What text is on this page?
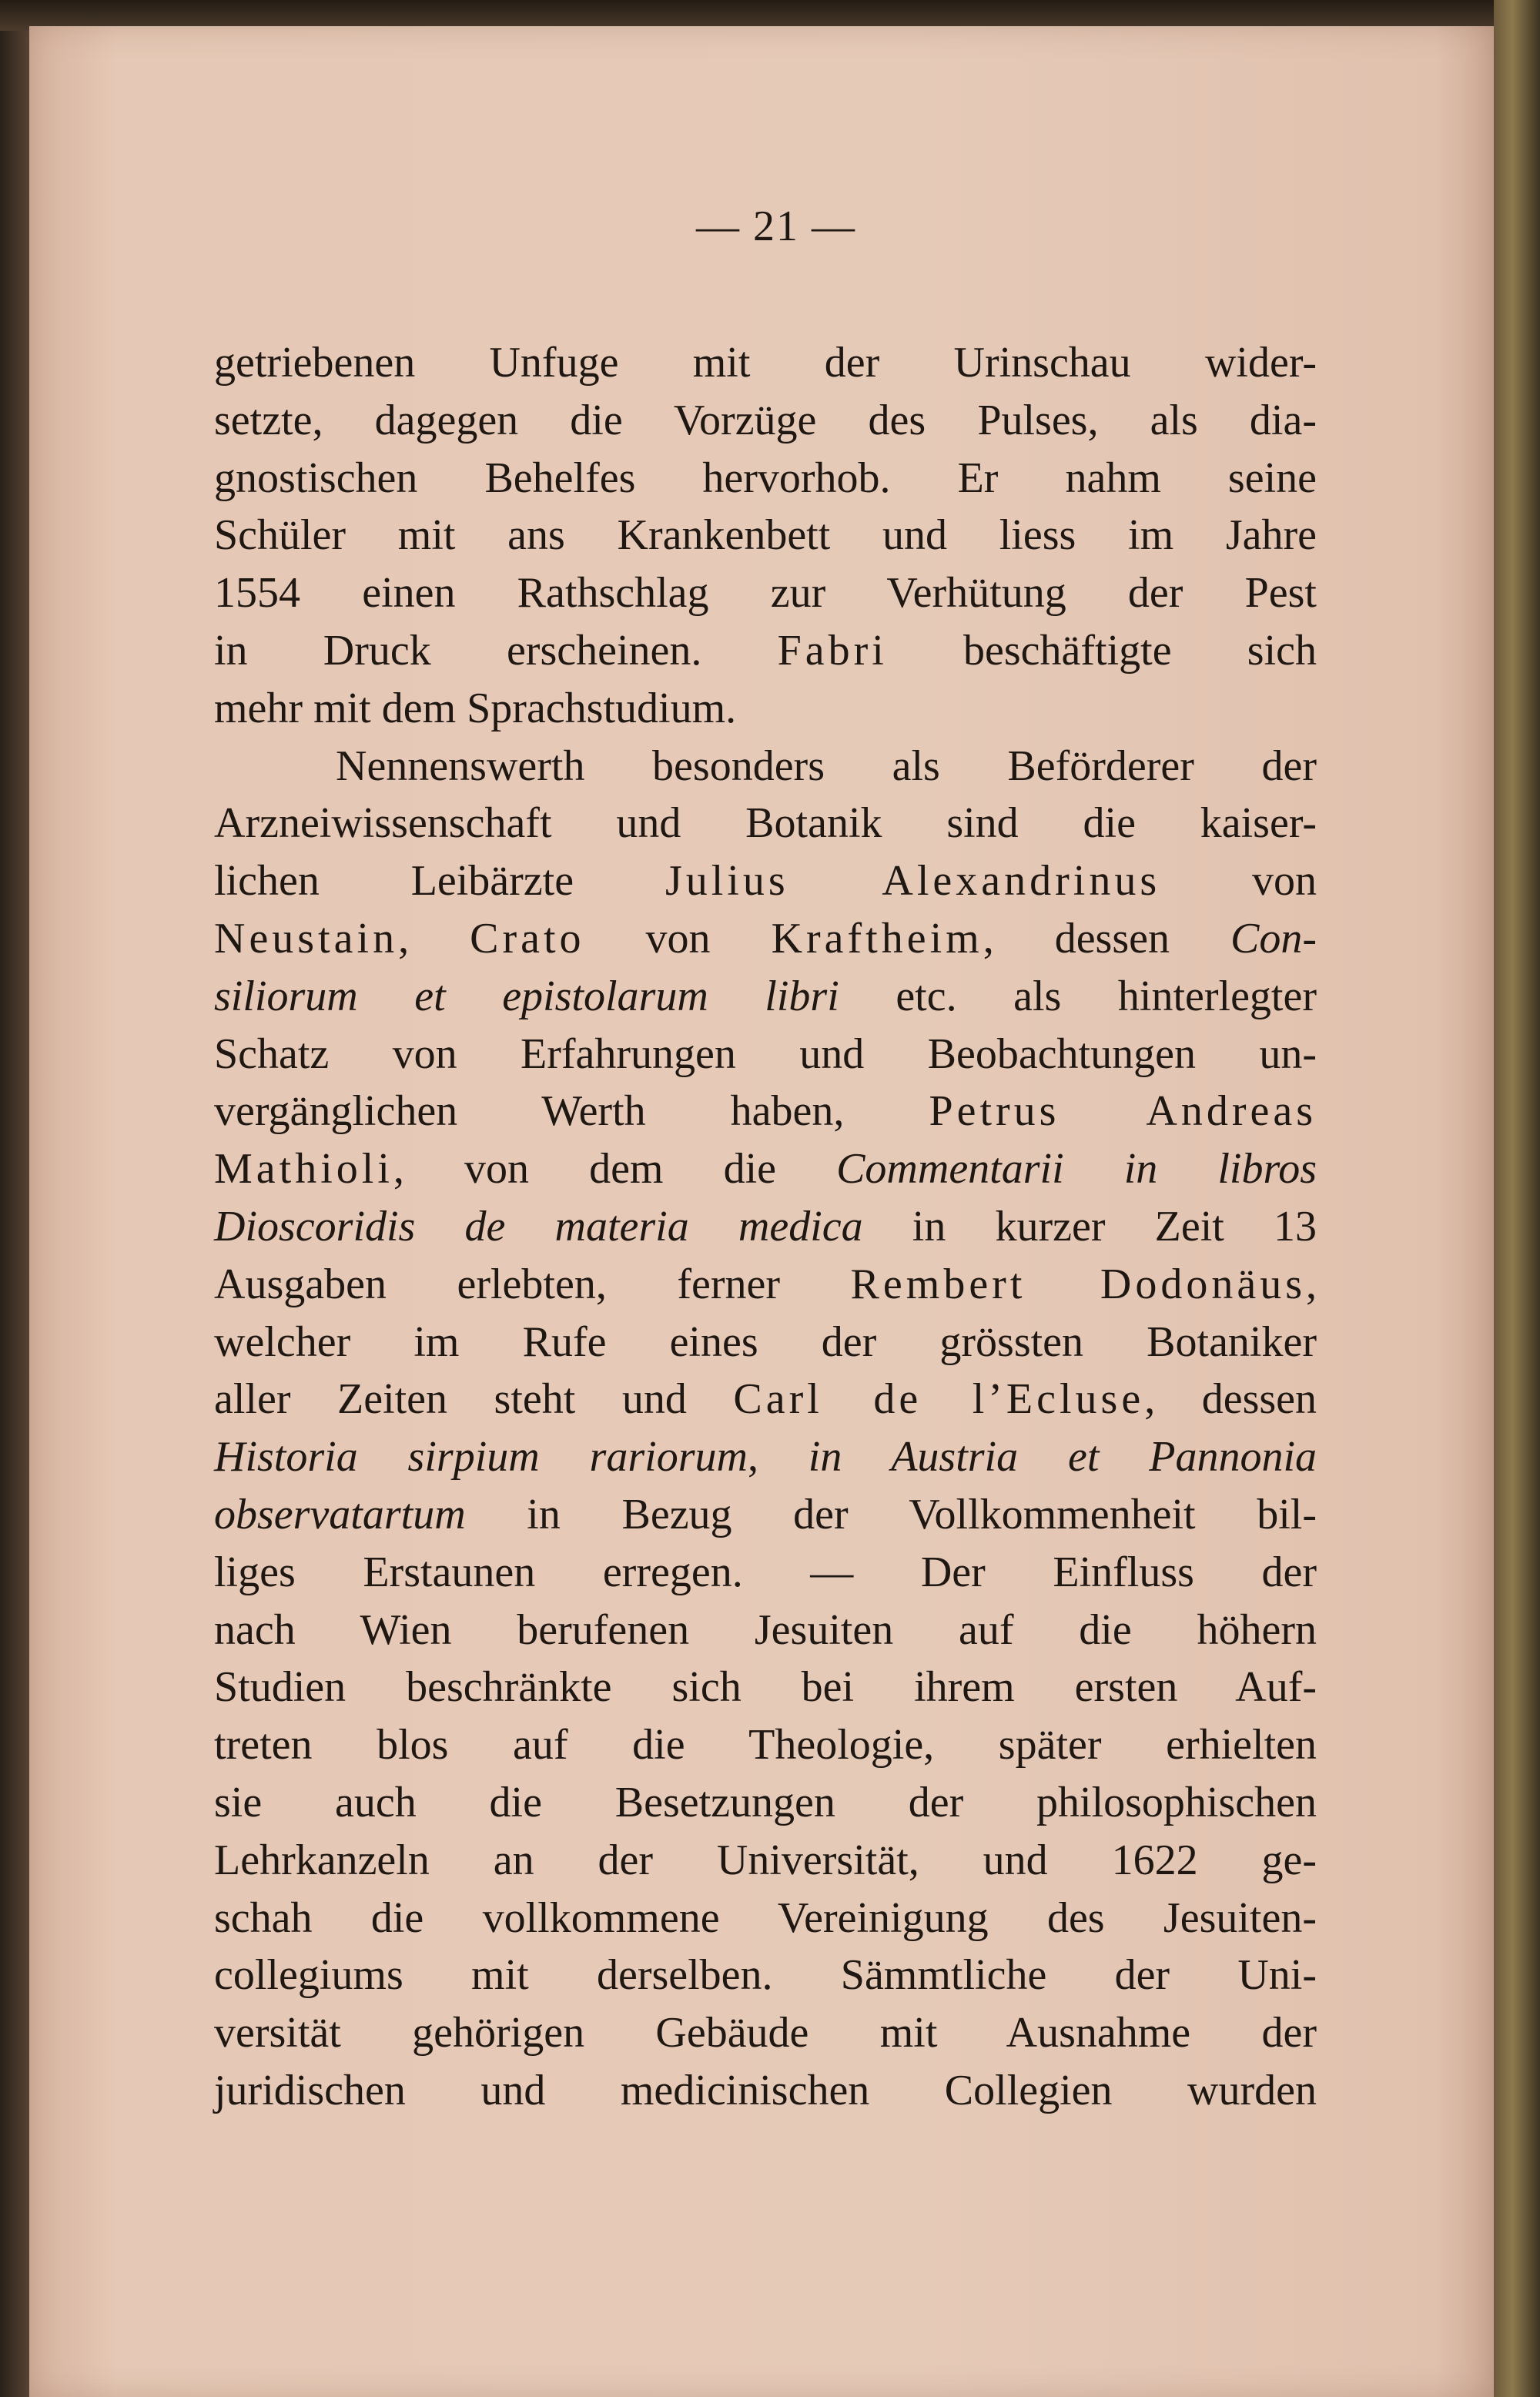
— 21 —
getriebenen Unfuge mit der Urinschau wider-
setzte, dagegen die Vorzüge des Pulses, als dia-
gnostischen Behelfes hervorhob. Er nahm seine
Schüler mit ans Krankenbett und liess im Jahre
1554 einen Rathschlag zur Verhütung der Pest
in Druck erscheinen. Fabri beschäftigte sich
mehr mit dem Sprachstudium.
Nennenswerth besonders als Beförderer der
Arzneiwissenschaft und Botanik sind die kaiser-
lichen Leibärzte Julius Alexandrinus von
Neustain, Crato von Kraftheim, dessen Con-
siliorum et epistolarum libri etc. als hinterlegter
Schatz von Erfahrungen und Beobachtungen un-
vergänglichen Werth haben, Petrus Andreas
Mathioli, von dem die Commentarii in libros
Dioscoridis de materia medica in kurzer Zeit 13
Ausgaben erlebten, ferner Rembert Dodonäus,
welcher im Rufe eines der grössten Botaniker
aller Zeiten steht und Carl de l’Ecluse, dessen
Historia sirpium rariorum, in Austria et Pannonia
observatartum in Bezug der Vollkommenheit bil-
liges Erstaunen erregen. — Der Einfluss der
nach Wien berufenen Jesuiten auf die höhern
Studien beschränkte sich bei ihrem ersten Auf-
treten blos auf die Theologie, später erhielten
sie auch die Besetzungen der philosophischen
Lehrkanzeln an der Universität, und 1622 ge-
schah die vollkommene Vereinigung des Jesuiten-
collegiums mit derselben. Sämmtliche der Uni-
versität gehörigen Gebäude mit Ausnahme der
juridischen und medicinischen Collegien wurden
